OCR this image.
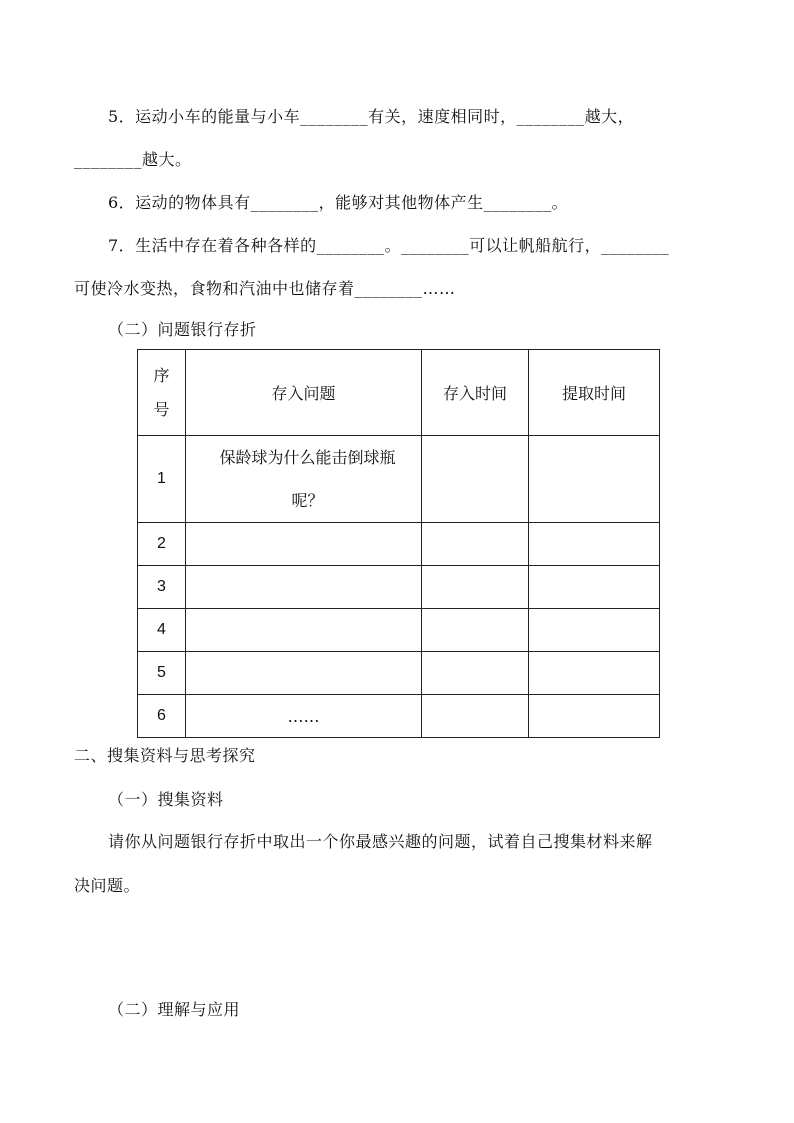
5．运动小车的能量与小车________有关，速度相同时，________越大，
________越大。
6．运动的物体具有________，能够对其他物体产生________。
7．生活中存在着各种各样的________。________可以让帆船航行，________
可使冷水变热，食物和汽油中也储存着________……
（二）问题银行存折
序
号	存入问题	存入时间	提取时间
1	保龄球为什么能击倒球瓶
呢？		

2			
3			
4			
5			
6	……		
二、搜集资料与思考探究
（一）搜集资料
请你从问题银行存折中取出一个你最感兴趣的问题，试着自己搜集材料来解
决问题。
（二）理解与应用
